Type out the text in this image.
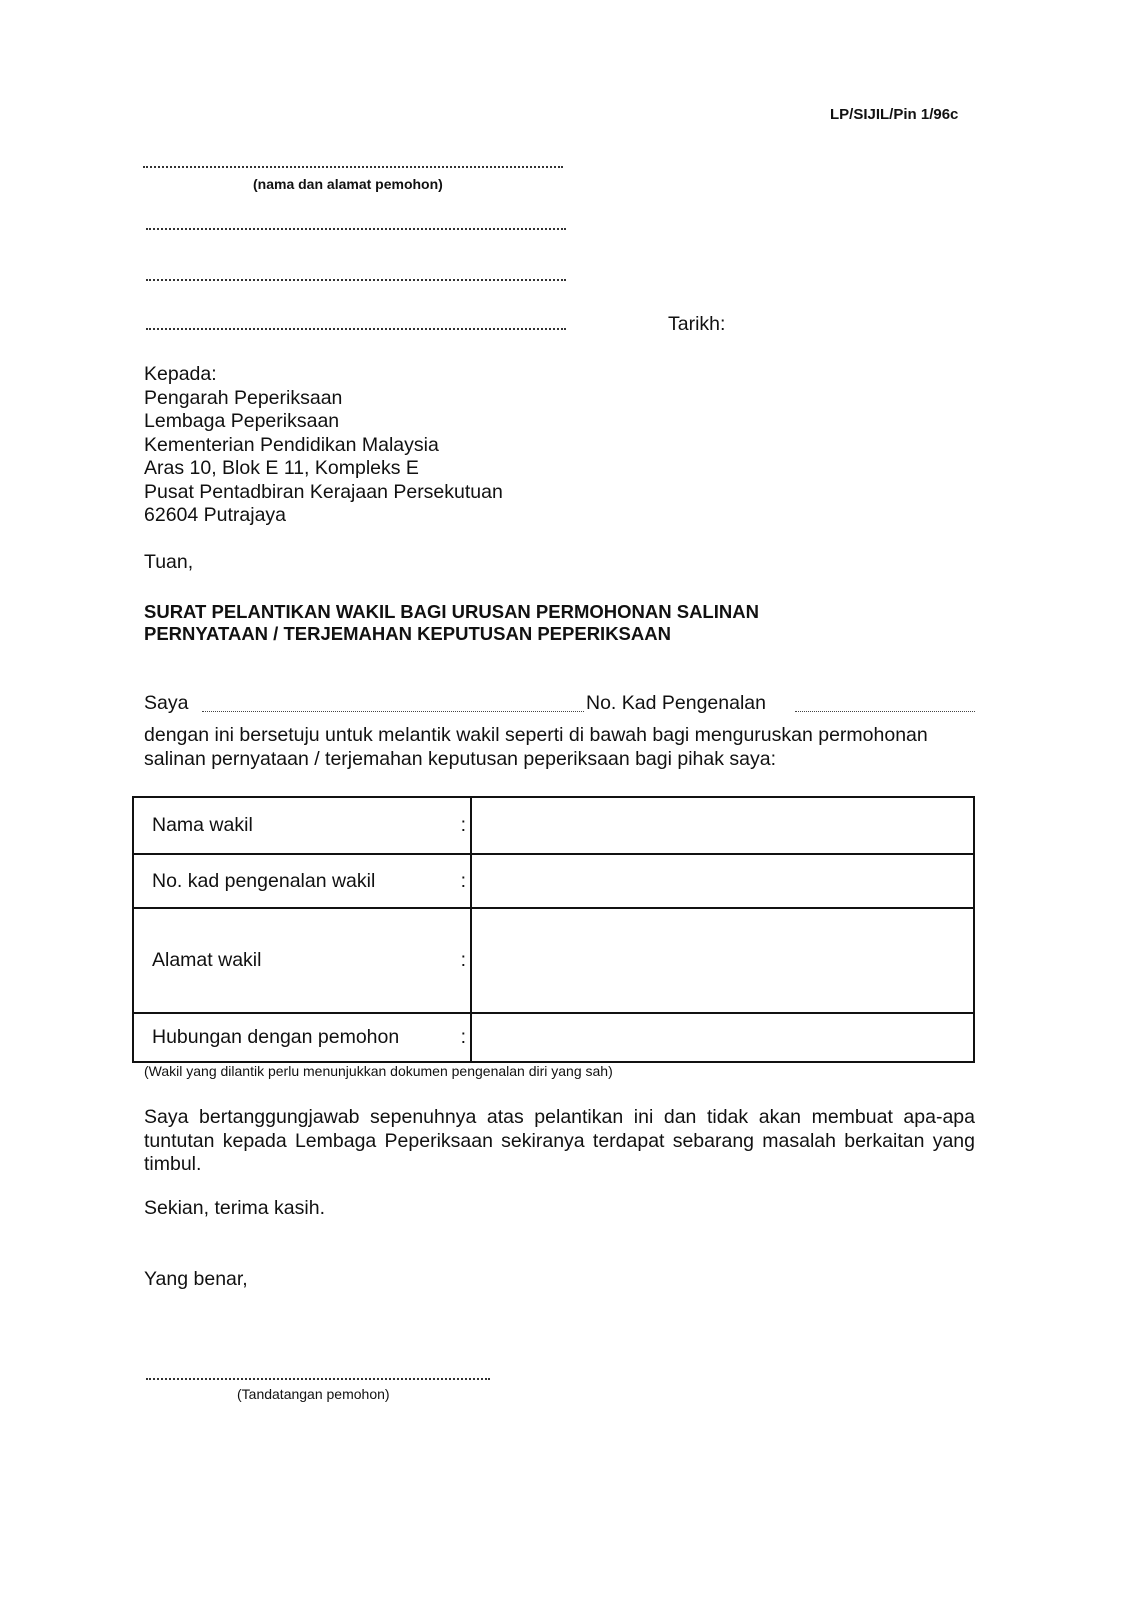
LP/SIJIL/Pin 1/96c
(nama dan alamat pemohon)
Tarikh:

Kepada:

Pengarah Peperiksaan

Lembaga Peperiksaan

Kementerian Pendidikan Malaysia

Aras 10, Blok E 11, Kompleks E

Pusat Pentadbiran Kerajaan Persekutuan

62604 Putrajaya

Tuan,

SURAT PELANTIKAN WAKIL BAGI URUSAN PERMOHONAN SALINAN

PERNYATAAN / TERJEMAHAN KEPUTUSAN PEPERIKSAAN

Saya	No. Kad Pengenalan

dengan ini bersetuju untuk melantik wakil seperti di bawah bagi menguruskan permohonan

salinan pernyataan / terjemahan keputusan peperiksaan bagi pihak saya:

Nama wakil :	

No. kad pengenalan wakil :	

Alamat wakil :	

Hubungan dengan pemohon :	

(Wakil yang dilantik perlu menunjukkan dokumen pengenalan diri yang sah)
Saya bertanggungjawab sepenuhnya atas pelantikan ini dan tidak akan membuat apa-apa tuntutan kepada Lembaga Peperiksaan sekiranya terdapat sebarang masalah berkaitan yang timbul.
Sekian, terima kasih.
Yang benar,
(Tandatangan pemohon)
